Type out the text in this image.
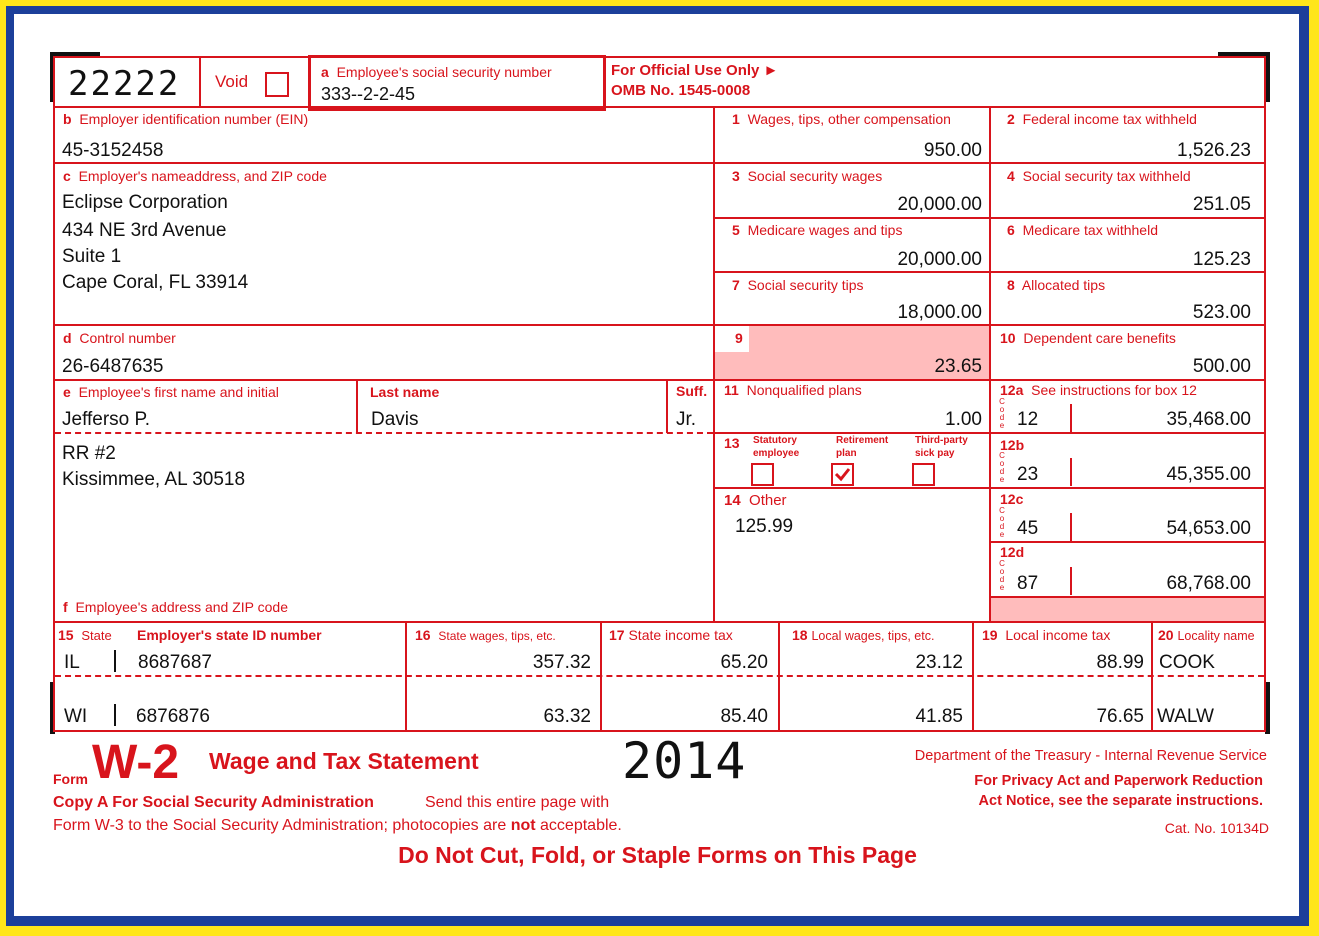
22222 Void	a Employee's social security number
333--2-2-45
For Official Use Only ►
OMB No. 1545-0008
b Employer identification number (EIN)
45-3152458
c Employer's nameaddress, and ZIP code
Eclipse Corporation
434 NE 3rd Avenue
Suite 1
Cape Coral, FL 33914
d Control number
26-6487635
e Employee's first name and initial	Last name	Suff.
Jefferso P.	Davis	Jr.
RR #2
Kissimmee, AL 30518
f Employee's address and ZIP code
1 Wages, tips, other compensation
950.00
2 Federal income tax withheld
1,526.23
3 Social security wages
20,000.00
4 Social security tax withheld
251.05
5 Medicare wages and tips
20,000.00
6 Medicare tax withheld
125.23
7 Social security tips
18,000.00
8 Allocated tips
523.00
9
23.65
10 Dependent care benefits
500.00
11 Nonqualified plans
1.00
13 Statutory
employee
Retirement
plan
Third-party
sick pay
14 Other
125.99
12a See instructions for box 12
12b
12c
12d
C
o
d
e
C
o
d
e
C
o
d
e
C
o
d
e
12	35,468.00
23	45,355.00
45	54,653.00
87	68,768.00
15 State Employer's state ID number	16 State wages, tips, etc.	17 State income tax	18 Local wages, tips, etc.	19 Local income tax	20 Locality name
IL	8687687	357.32	65.20	23.12	88.99 COOK
WI	6876876	63.32	85.40	41.85	76.65 WALW
Form W-2 Wage and Tax Statement	2014
Copy A For Social Security Administration	Send this entire page with
Form W-3 to the Social Security Administration; photocopies are not acceptable.
Department of the Treasury - Internal Revenue Service
For Privacy Act and Paperwork Reduction
Act Notice, see the separate instructions.
Cat. No. 10134D
Do Not Cut, Fold, or Staple Forms on This Page
